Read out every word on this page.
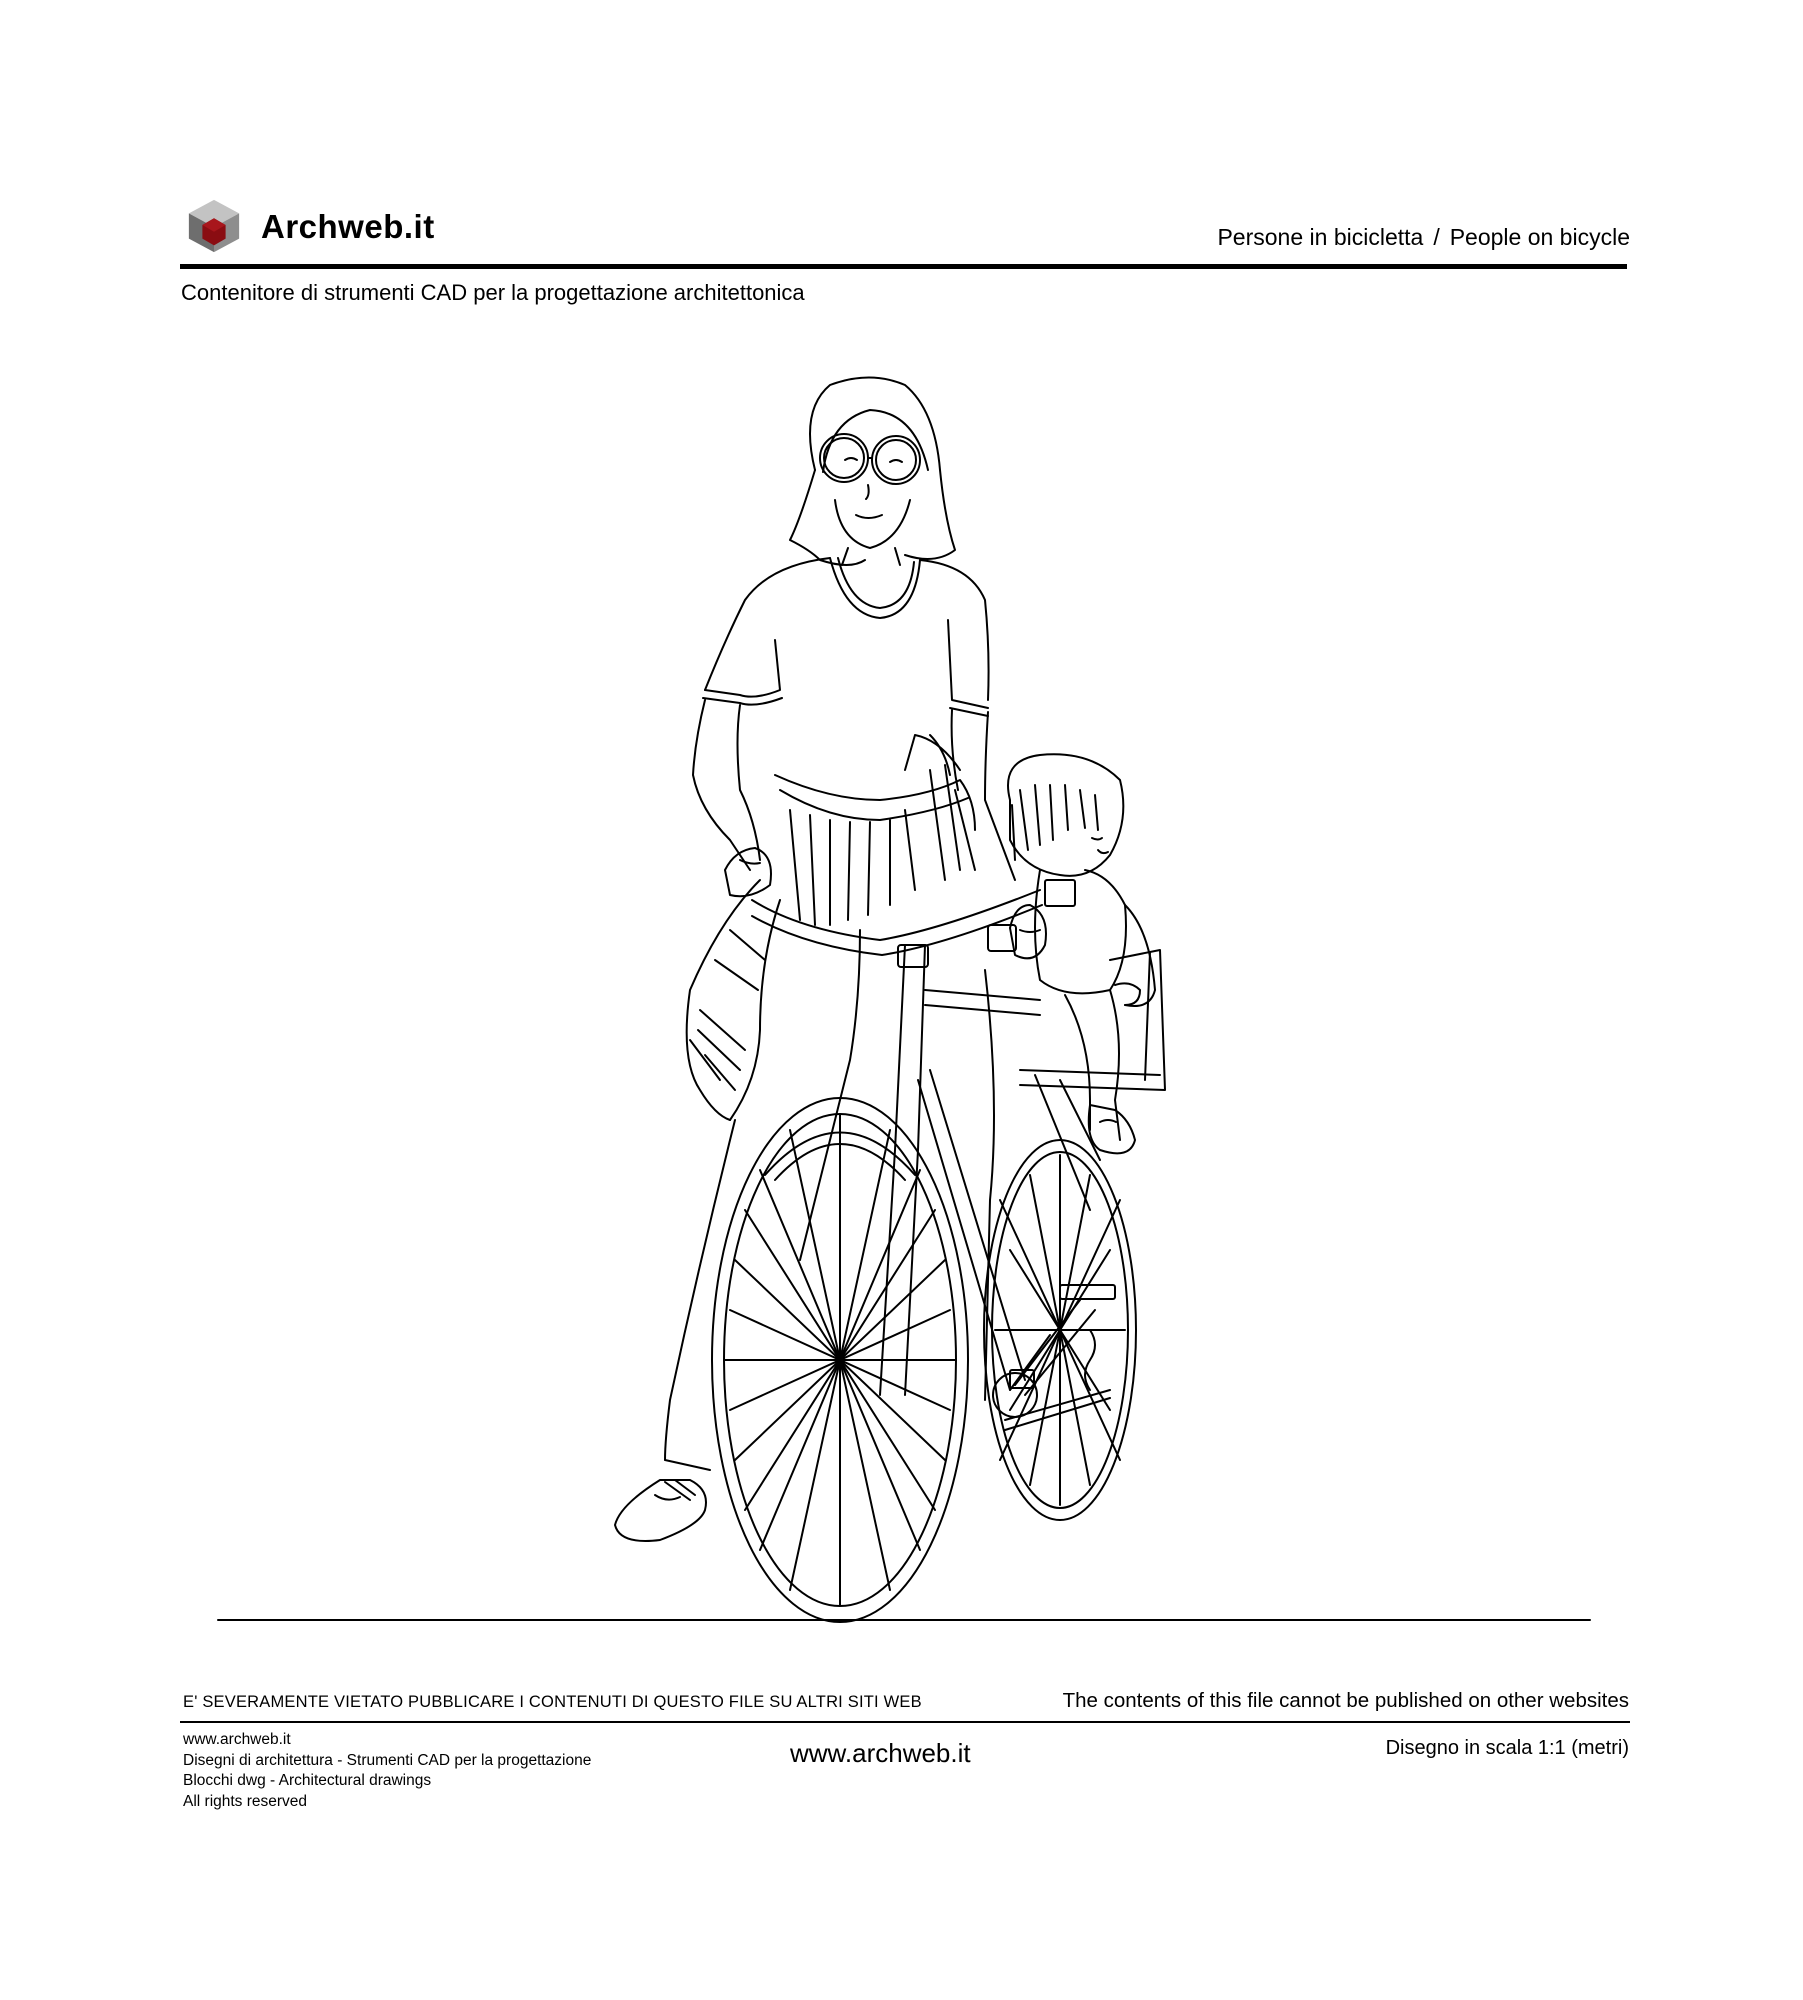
Archweb.it	Persone in bicicletta / People on bicycle
Contenitore di strumenti CAD per la progettazione architettonica
E' SEVERAMENTE VIETATO PUBBLICARE I CONTENUTI DI QUESTO FILE SU ALTRI SITI WEB	The contents of this file cannot be published on other websites
www.archweb.it
Disegni di architettura - Strumenti CAD per la progettazione
Blocchi dwg - Architectural drawings
All rights reserved
www.archweb.it	Disegno in scala 1:1 (metri)
